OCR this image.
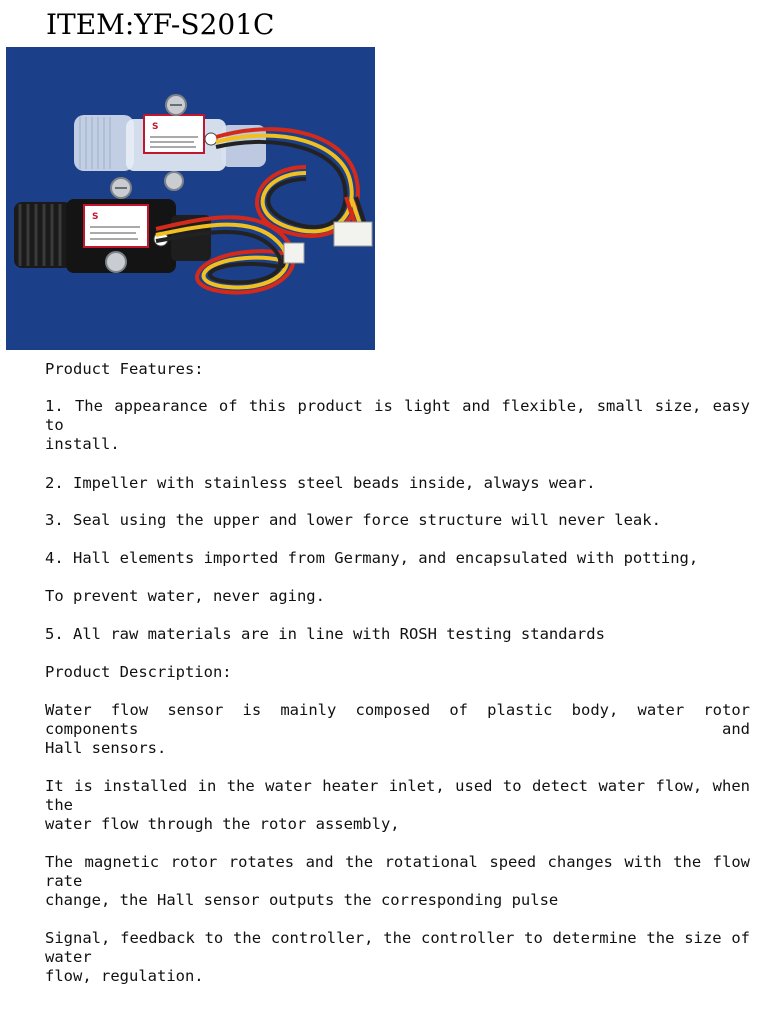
ITEM:YF-S201C
S
S
Product Features:
1. The appearance of this product is light and flexible, small size, easy to
install.
2. Impeller with stainless steel beads inside, always wear.
3. Seal using the upper and lower force structure will never leak.
4. Hall elements imported from Germany, and encapsulated with potting,
To prevent water, never aging.
5. All raw materials are in line with ROSH testing standards
Product Description:
Water flow sensor is mainly composed of plastic body, water rotor components and
Hall sensors.
It is installed in the water heater inlet, used to detect water flow, when the
water flow through the rotor assembly,
The magnetic rotor rotates and the rotational speed changes with the flow rate
change, the Hall sensor outputs the corresponding pulse
Signal, feedback to the controller, the controller to determine the size of water
flow, regulation.
